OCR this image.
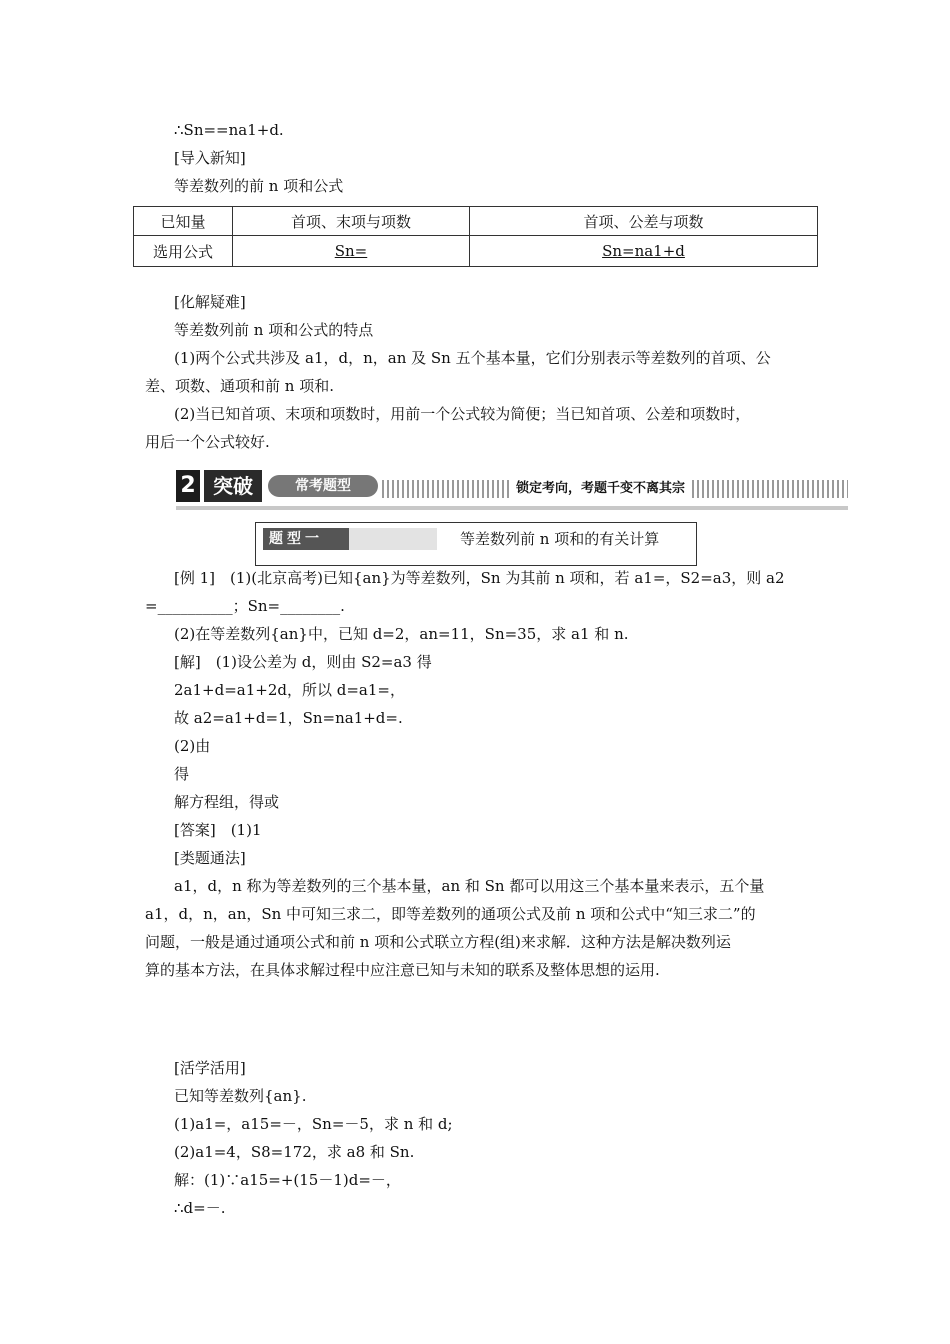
∴Sn==na1+d.
[导入新知]
等差数列的前 n 项和公式
已知量	首项、末项与项数	首项、公差与项数
选用公式	Sn=	Sn=na1+d
[化解疑难]
等差数列前 n 项和公式的特点
(1)两个公式共涉及 a1，d，n，an 及 Sn 五个基本量，它们分别表示等差数列的首项、公
差、项数、通项和前 n 项和.
(2)当已知首项、末项和项数时，用前一个公式较为简便；当已知首项、公差和项数时，
用后一个公式较好.
2 突破	常考题型	锁定考向，考题千变不离其宗
题型一	等差数列前 n 项和的有关计算
[例 1]　(1)(北京高考)已知{an}为等差数列，Sn 为其前 n 项和，若 a1=，S2=a3，则 a2
=__________；Sn=________.
(2)在等差数列{an}中，已知 d=2，an=11，Sn=35，求 a1 和 n.
[解]　(1)设公差为 d，则由 S2=a3 得
2a1+d=a1+2d，所以 d=a1=，
故 a2=a1+d=1，Sn=na1+d=.
(2)由
得
解方程组，得或
[答案]　(1)1
[类题通法]
a1，d，n 称为等差数列的三个基本量，an 和 Sn 都可以用这三个基本量来表示，五个量
a1，d，n，an，Sn 中可知三求二，即等差数列的通项公式及前 n 项和公式中“知三求二”的
问题，一般是通过通项公式和前 n 项和公式联立方程(组)来求解．这种方法是解决数列运
算的基本方法，在具体求解过程中应注意已知与未知的联系及整体思想的运用.
[活学活用]
已知等差数列{an}.
(1)a1=，a15=－，Sn=－5，求 n 和 d;
(2)a1=4，S8=172，求 a8 和 Sn.
解：(1)∵a15=+(15－1)d=－，
∴d=－.
